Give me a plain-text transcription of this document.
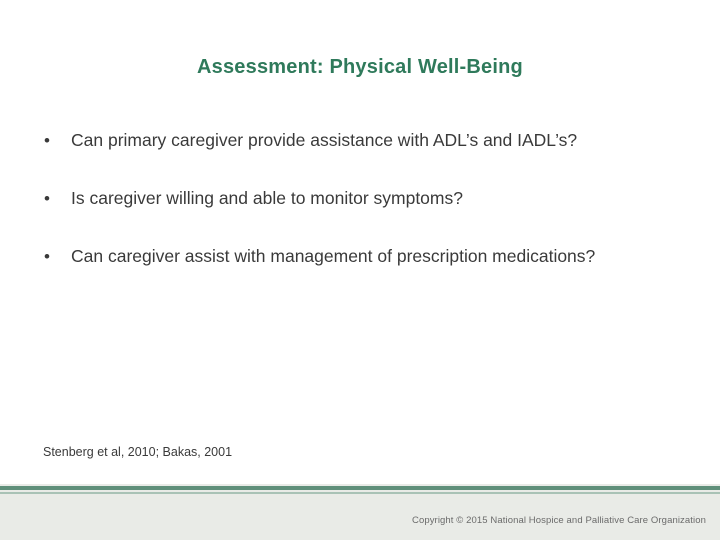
Assessment: Physical Well-Being
•	Can primary caregiver provide assistance with ADL’s and IADL’s?
•	Is caregiver willing and able to monitor symptoms?
•	Can caregiver assist with management of prescription medications?
Stenberg et al, 2010; Bakas, 2001
Copyright © 2015 National Hospice and Palliative Care Organization
